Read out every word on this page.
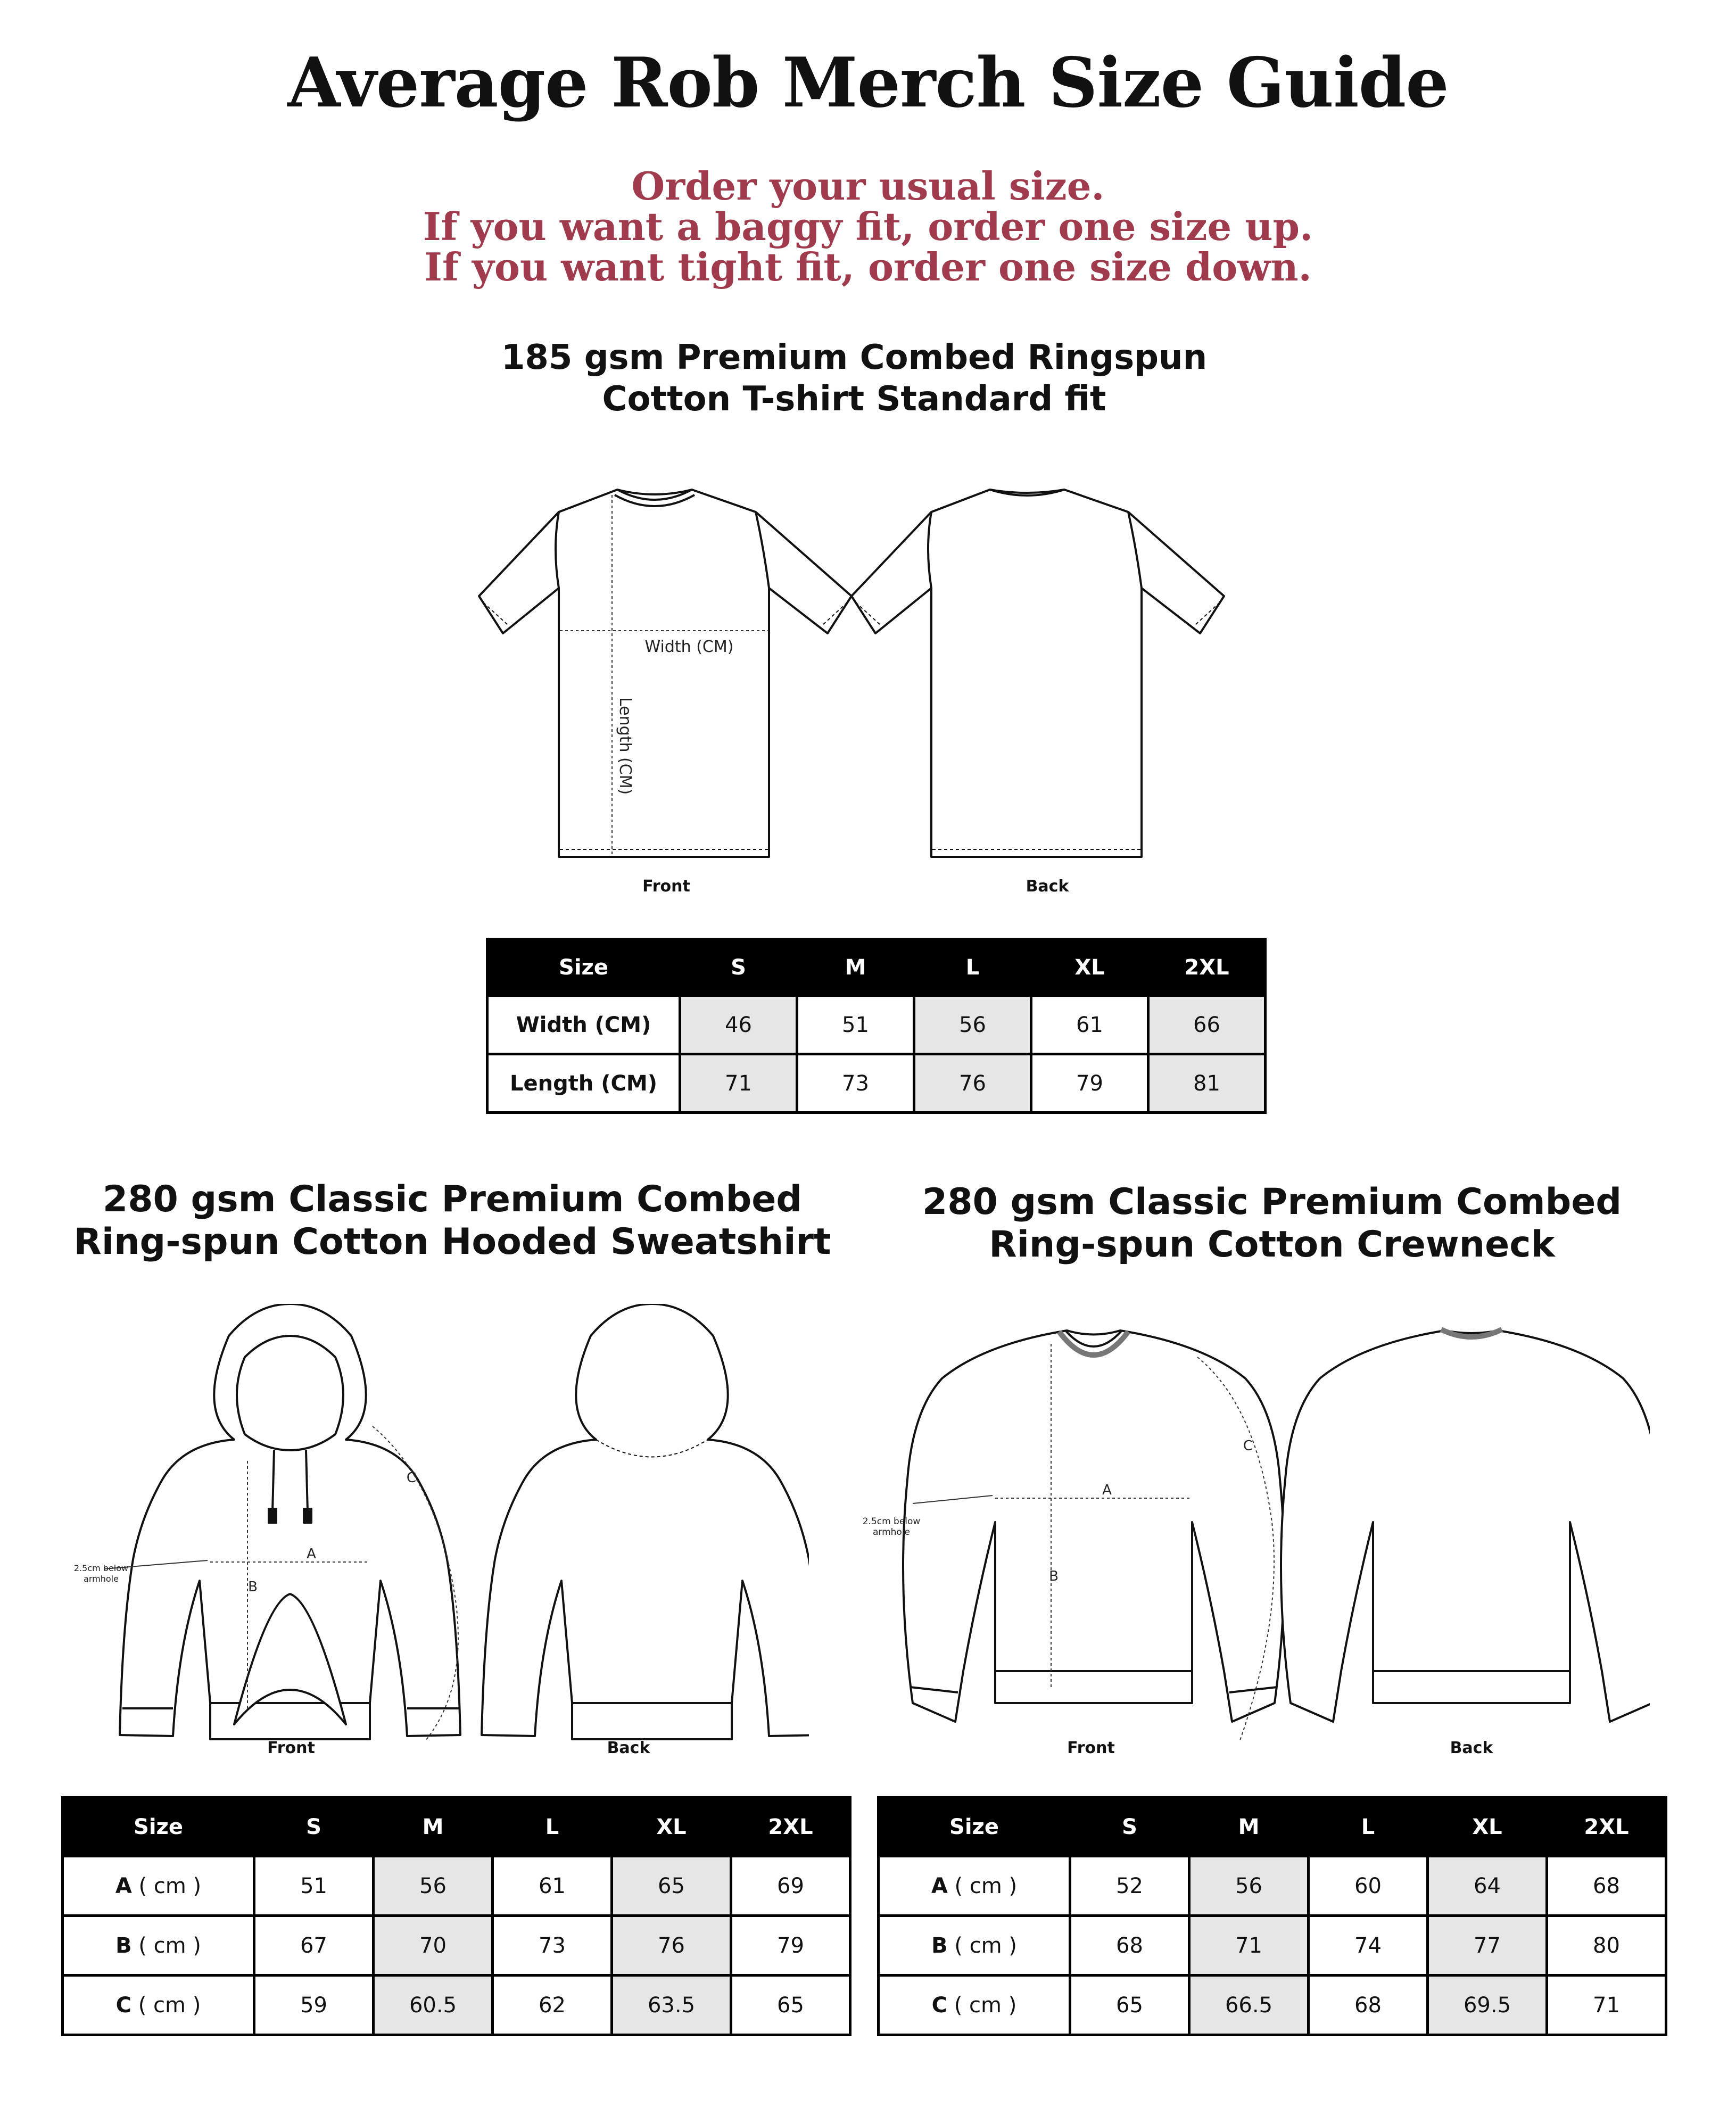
Average Rob Merch Size Guide
Order your usual size.
If you want a baggy fit, order one size up.
If you want tight fit, order one size down.
185 gsm Premium Combed Ringspun
Cotton T-shirt Standard fit
Width (CM)
Length (CM)
Front	Back
Size	S	M	L	XL	2XL
Width (CM)	46	51	56	61	66
Length (CM)	71	73	76	79	81
280 gsm Classic Premium Combed
Ring-spun Cotton Hooded Sweatshirt
A
B
C
2.5cm below
armhole
Front	Back
Size	S	M	L	XL	2XL
A ( cm )	51	56	61	65	69
B ( cm )	67	70	73	76	79
C ( cm )	59	60.5	62	63.5	65
280 gsm Classic Premium Combed
Ring-spun Cotton Crewneck
A
B
C
2.5cm below
armhole
Front	Back
Size	S	M	L	XL	2XL
A ( cm )	52	56	60	64	68
B ( cm )	68	71	74	77	80
C ( cm )	65	66.5	68	69.5	71
